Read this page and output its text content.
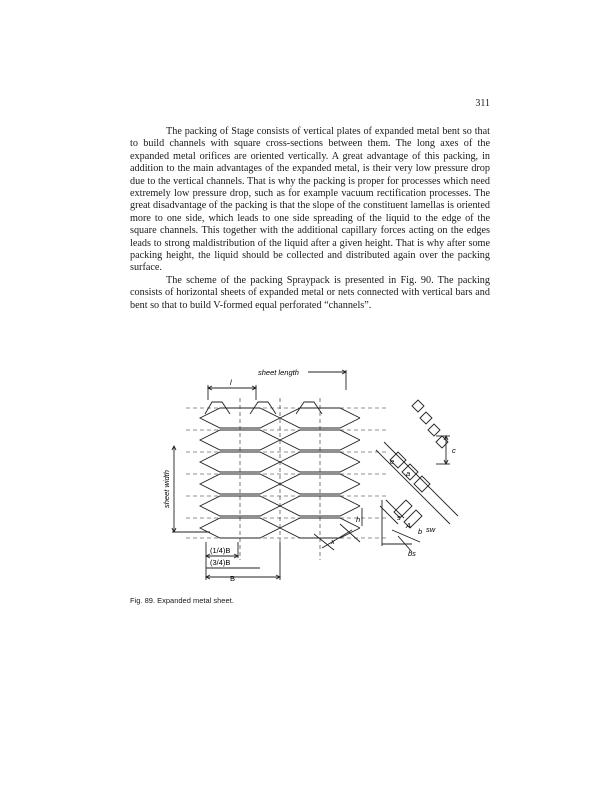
311

The packing of Stage consists of vertical plates of expanded metal bent so that to build channels with square cross-sections between them. The long axes of the expanded metal orifices are oriented vertically. A great advantage of this packing, in addition to the main advantages of the expanded metal, is their very low pressure drop due to the vertical channels. That is why the packing is proper for processes which need extremely low pressure drop, such as for example vacuum rectification processes. The great disadvantage of the packing is that the slope of the constituent lamellas is oriented more to one side, which leads to one side spreading of the liquid to the edge of the square channels. This together with the additional capillary forces acting on the edges leads to strong maldistribution of the liquid after a given height. That is why after some packing height, the liquid should be collected and distributed again over the packing surface.

The scheme of the packing Spraypack is presented in Fig. 90. The packing consists of horizontal sheets of expanded metal or nets connected with vertical bars and bent so that to build V-formed equal perforated “channels”.

sheet length
l
sheet width
(1/4)B
(3/4)B
B
h
x
c
e
a
s
A
b sw
bs
Fig. 89. Expanded metal sheet.
